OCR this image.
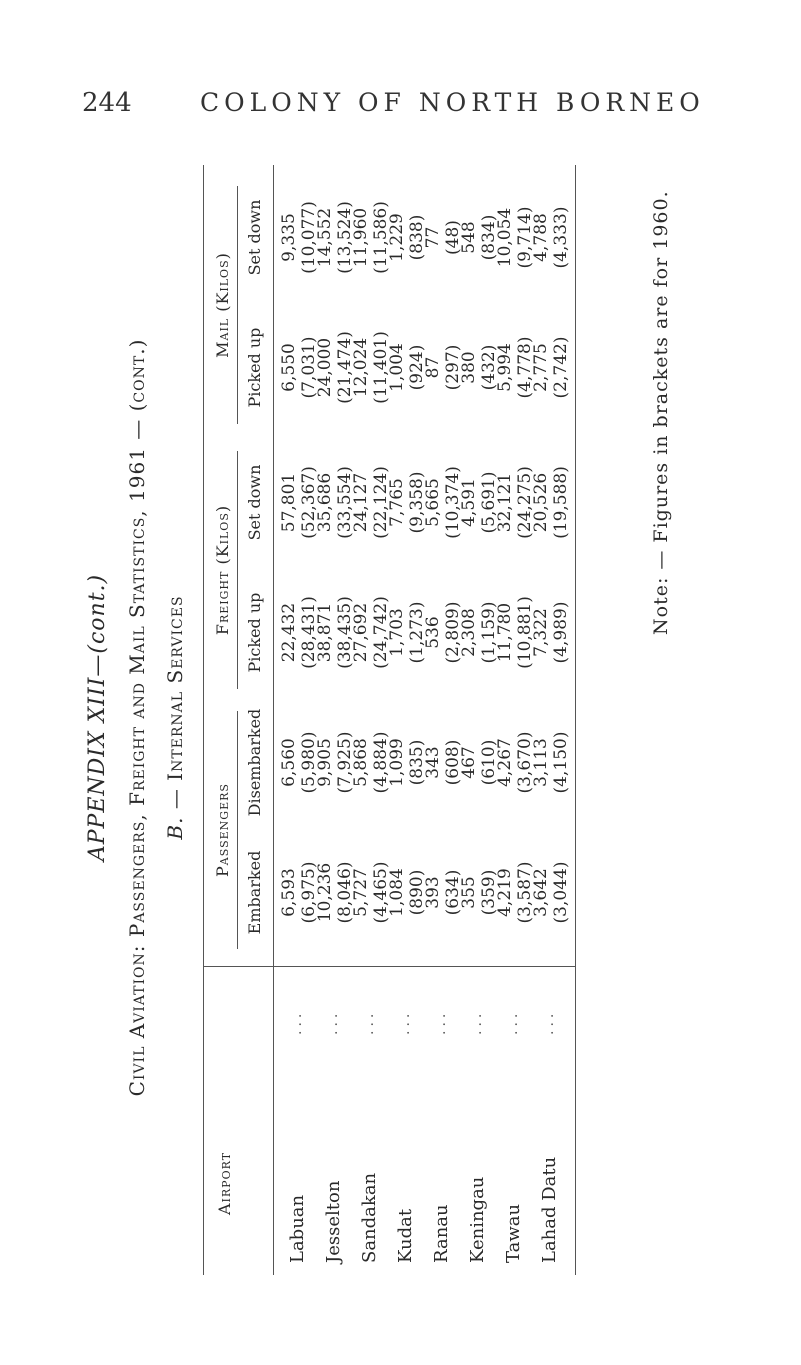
244	COLONY OF NORTH BORNEO
APPENDIX XIII—(cont.) Civil Aviation: Passengers, Freight and Mail Statistics, 1961 — (cont.) B. — Internal Services
Airport
Note: — Figures in brackets are for 1960.
Passengers
Freight (Kilos)
Mail (Kilos)
Embarked
Disembarked
Picked up
Set down
Picked up
Set down
Labuan
...
6,593 (6,975)
6,560 (5,980)
22,432 (28,431)
57,801 (52,367)
6,550 (7,031)
9,335 (10,077)
Jesselton
...
10,236 (8,046)
9,905 (7,925)
38,871 (38,435)
35,686 (33,554)
24,000 (21,474)
14,552 (13,524)
Sandakan
...
5,727 (4,465)
5,868 (4,884)
27,692 (24,742)
24,127 (22,124)
12,024 (11,401)
11,960 (11,586)
Kudat
...
1,084 (890)
1,099 (835)
1,703 (1,273)
7,765 (9,358)
1,004 (924)
1,229 (838)
Ranau
...
393 (634)
343 (608)
536 (2,809)
5,665 (10,374)
87 (297)
77 (48)
Keningau
...
355 (359)
467 (610)
2,308 (1,159)
4,591 (5,691)
380 (432)
548 (834)
Tawau
...
4,219 (3,587)
4,267 (3,670)
11,780 (10,881)
32,121 (24,275)
5,994 (4,778)
10,054 (9,714)
Lahad Datu
...
3,642 (3,044)
3,113 (4,150)
7,322 (4,989)
20,526 (19,588)
2,775 (2,742)
4,788 (4,333)
